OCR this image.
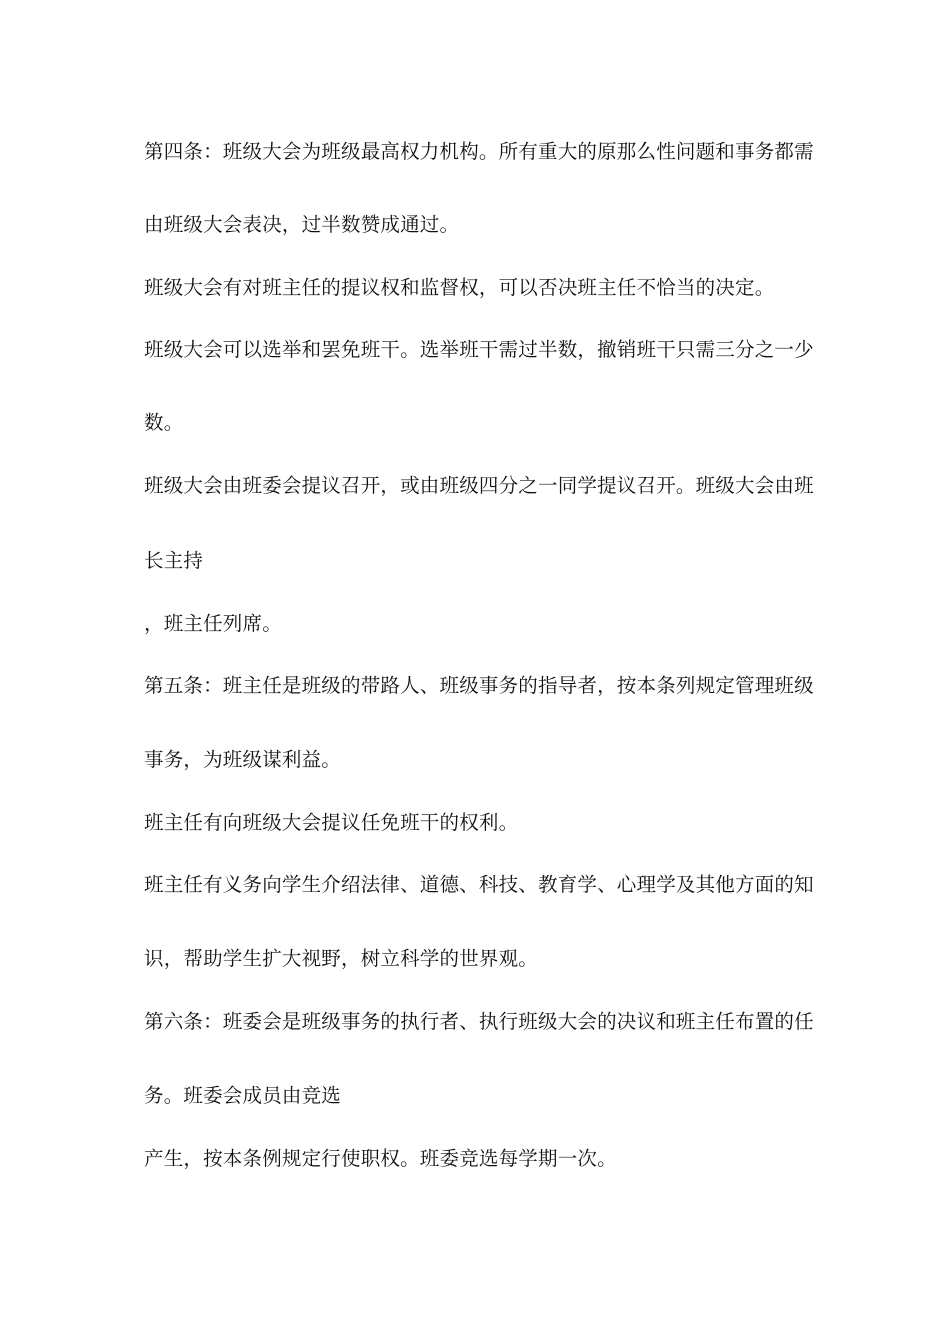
第四条：班级大会为班级最高权力机构。所有重大的原那么性问题和事务都需
由班级大会表决，过半数赞成通过。
班级大会有对班主任的提议权和监督权，可以否决班主任不恰当的决定。
班级大会可以选举和罢免班干。选举班干需过半数，撤销班干只需三分之一少
数。
班级大会由班委会提议召开，或由班级四分之一同学提议召开。班级大会由班
长主持
，班主任列席。
第五条：班主任是班级的带路人、班级事务的指导者，按本条列规定管理班级
事务，为班级谋利益。
班主任有向班级大会提议任免班干的权利。
班主任有义务向学生介绍法律、道德、科技、教育学、心理学及其他方面的知
识，帮助学生扩大视野，树立科学的世界观。
第六条：班委会是班级事务的执行者、执行班级大会的决议和班主任布置的任
务。班委会成员由竞选
产生，按本条例规定行使职权。班委竞选每学期一次。
